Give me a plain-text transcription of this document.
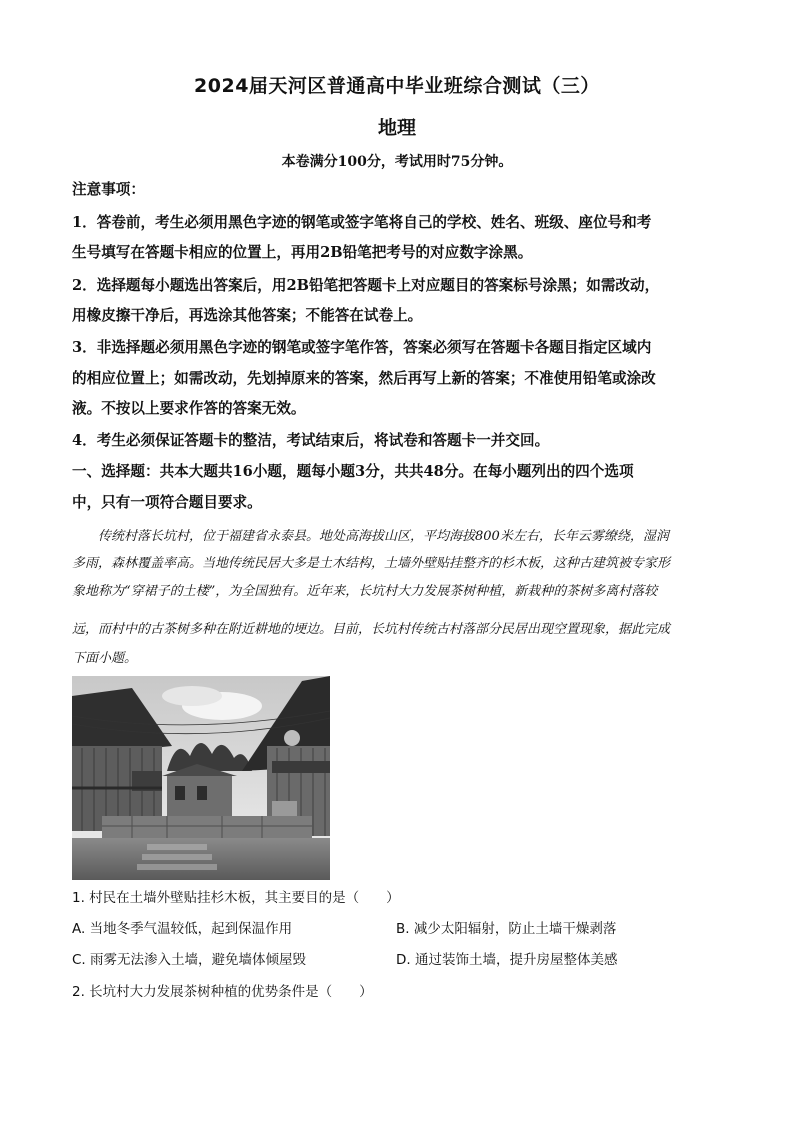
2024届天河区普通高中毕业班综合测试（三）
地理
本卷满分100分，考试用时75分钟。
注意事项：
1．答卷前，考生必须用黑色字迹的钢笔或签字笔将自己的学校、姓名、班级、座位号和考
生号填写在答题卡相应的位置上，再用2B铅笔把考号的对应数字涂黑。
2．选择题每小题选出答案后，用2B铅笔把答题卡上对应题目的答案标号涂黑；如需改动，
用橡皮擦干净后，再选涂其他答案；不能答在试卷上。
3．非选择题必须用黑色字迹的钢笔或签字笔作答，答案必须写在答题卡各题目指定区域内
的相应位置上；如需改动，先划掉原来的答案，然后再写上新的答案；不准使用铅笔或涂改
液。不按以上要求作答的答案无效。
4．考生必须保证答题卡的整洁，考试结束后，将试卷和答题卡一并交回。
一、选择题：共本大题共16小题，题每小题3分，共共48分。在每小题列出的四个选项
中，只有一项符合题目要求。
　　传统村落长坑村，位于福建省永泰县。地处高海拔山区，平均海拔800米左右，长年云雾缭绕，湿润
多雨，森林覆盖率高。当地传统民居大多是土木结构，土墙外壁贴挂整齐的杉木板，这种古建筑被专家形
象地称为“穿裙子的土楼”，为全国独有。近年来，长坑村大力发展茶树种植，新栽种的茶树多离村落较
远，而村中的古茶树多种在附近耕地的埂边。目前，长坑村传统古村落部分民居出现空置现象，据此完成
下面小题。
1. 村民在土墙外壁贴挂杉木板，其主要目的是（　　）
A. 当地冬季气温较低，起到保温作用	B. 减少太阳辐射，防止土墙干燥剥落
C. 雨雾无法渗入土墙，避免墙体倾屋毁	D. 通过装饰土墙，提升房屋整体美感
2. 长坑村大力发展茶树种植的优势条件是（　　）
